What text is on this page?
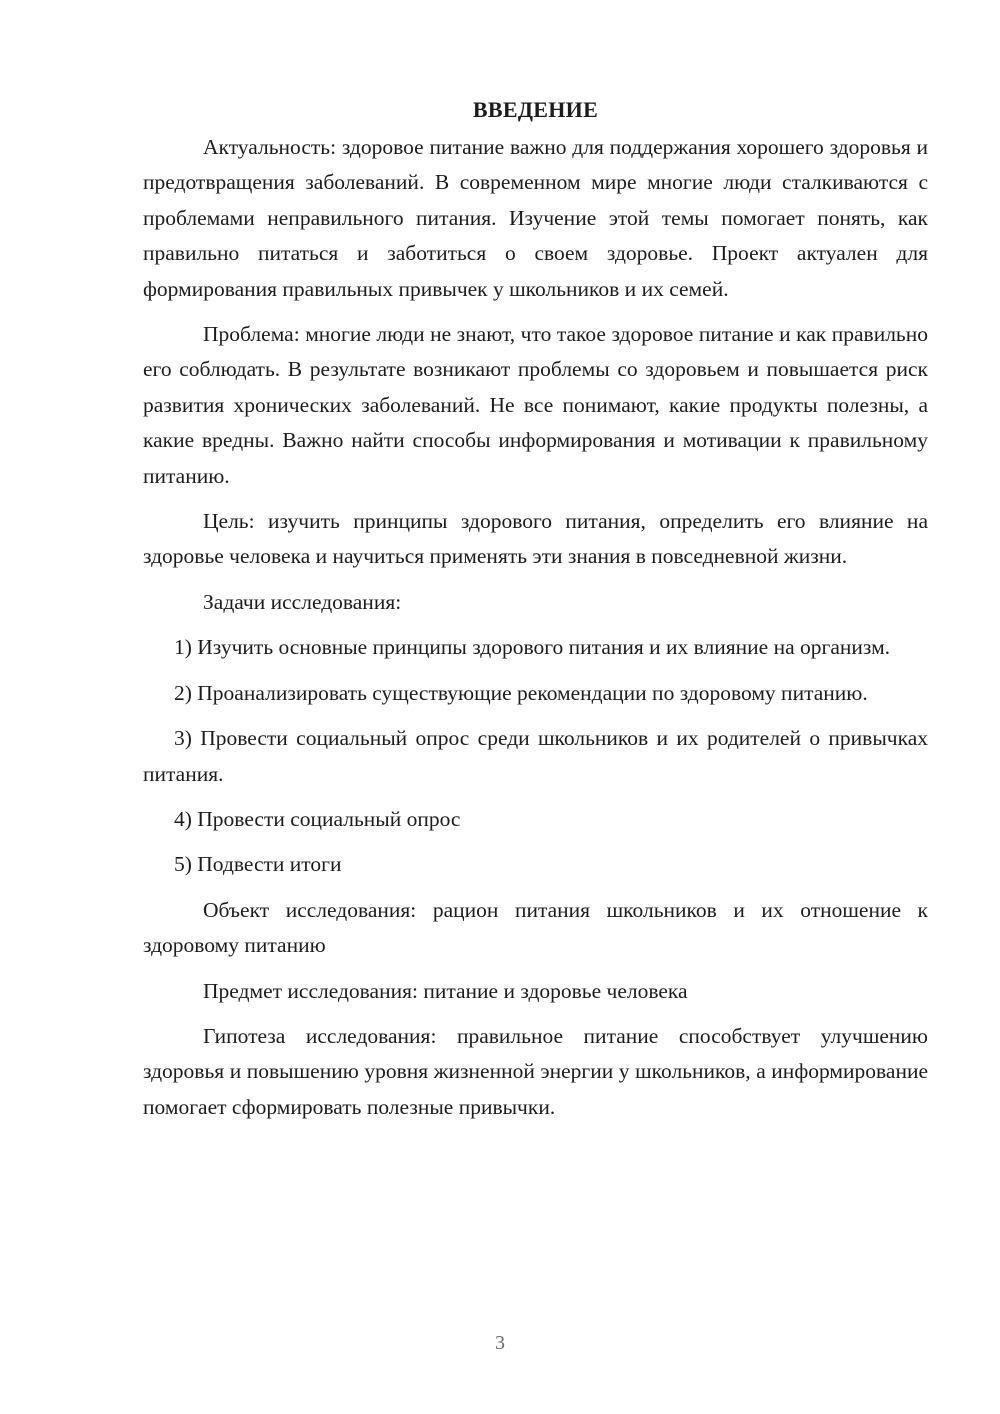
ВВЕДЕНИЕ

Актуальность: здоровое питание важно для поддержания хорошего здоровья и предотвращения заболеваний. В современном мире многие люди сталкиваются с проблемами неправильного питания. Изучение этой темы помогает понять, как правильно питаться и заботиться о своем здоровье. Проект актуален для формирования правильных привычек у школьников и их семей.

Проблема: многие люди не знают, что такое здоровое питание и как правильно его соблюдать. В результате возникают проблемы со здоровьем и повышается риск развития хронических заболеваний. Не все понимают, какие продукты полезны, а какие вредны. Важно найти способы информирования и мотивации к правильному питанию.

Цель: изучить принципы здорового питания, определить его влияние на здоровье человека и научиться применять эти знания в повседневной жизни.

Задачи исследования:

1) Изучить основные принципы здорового питания и их влияние на организм.

2) Проанализировать существующие рекомендации по здоровому питанию.

3) Провести социальный опрос среди школьников и их родителей о привычках питания.

4) Провести социальный опрос

5) Подвести итоги

Объект исследования: рацион питания школьников и их отношение к здоровому питанию

Предмет исследования: питание и здоровье человека

Гипотеза исследования: правильное питание способствует улучшению здоровья и повышению уровня жизненной энергии у школьников, а информирование помогает сформировать полезные привычки.

3
